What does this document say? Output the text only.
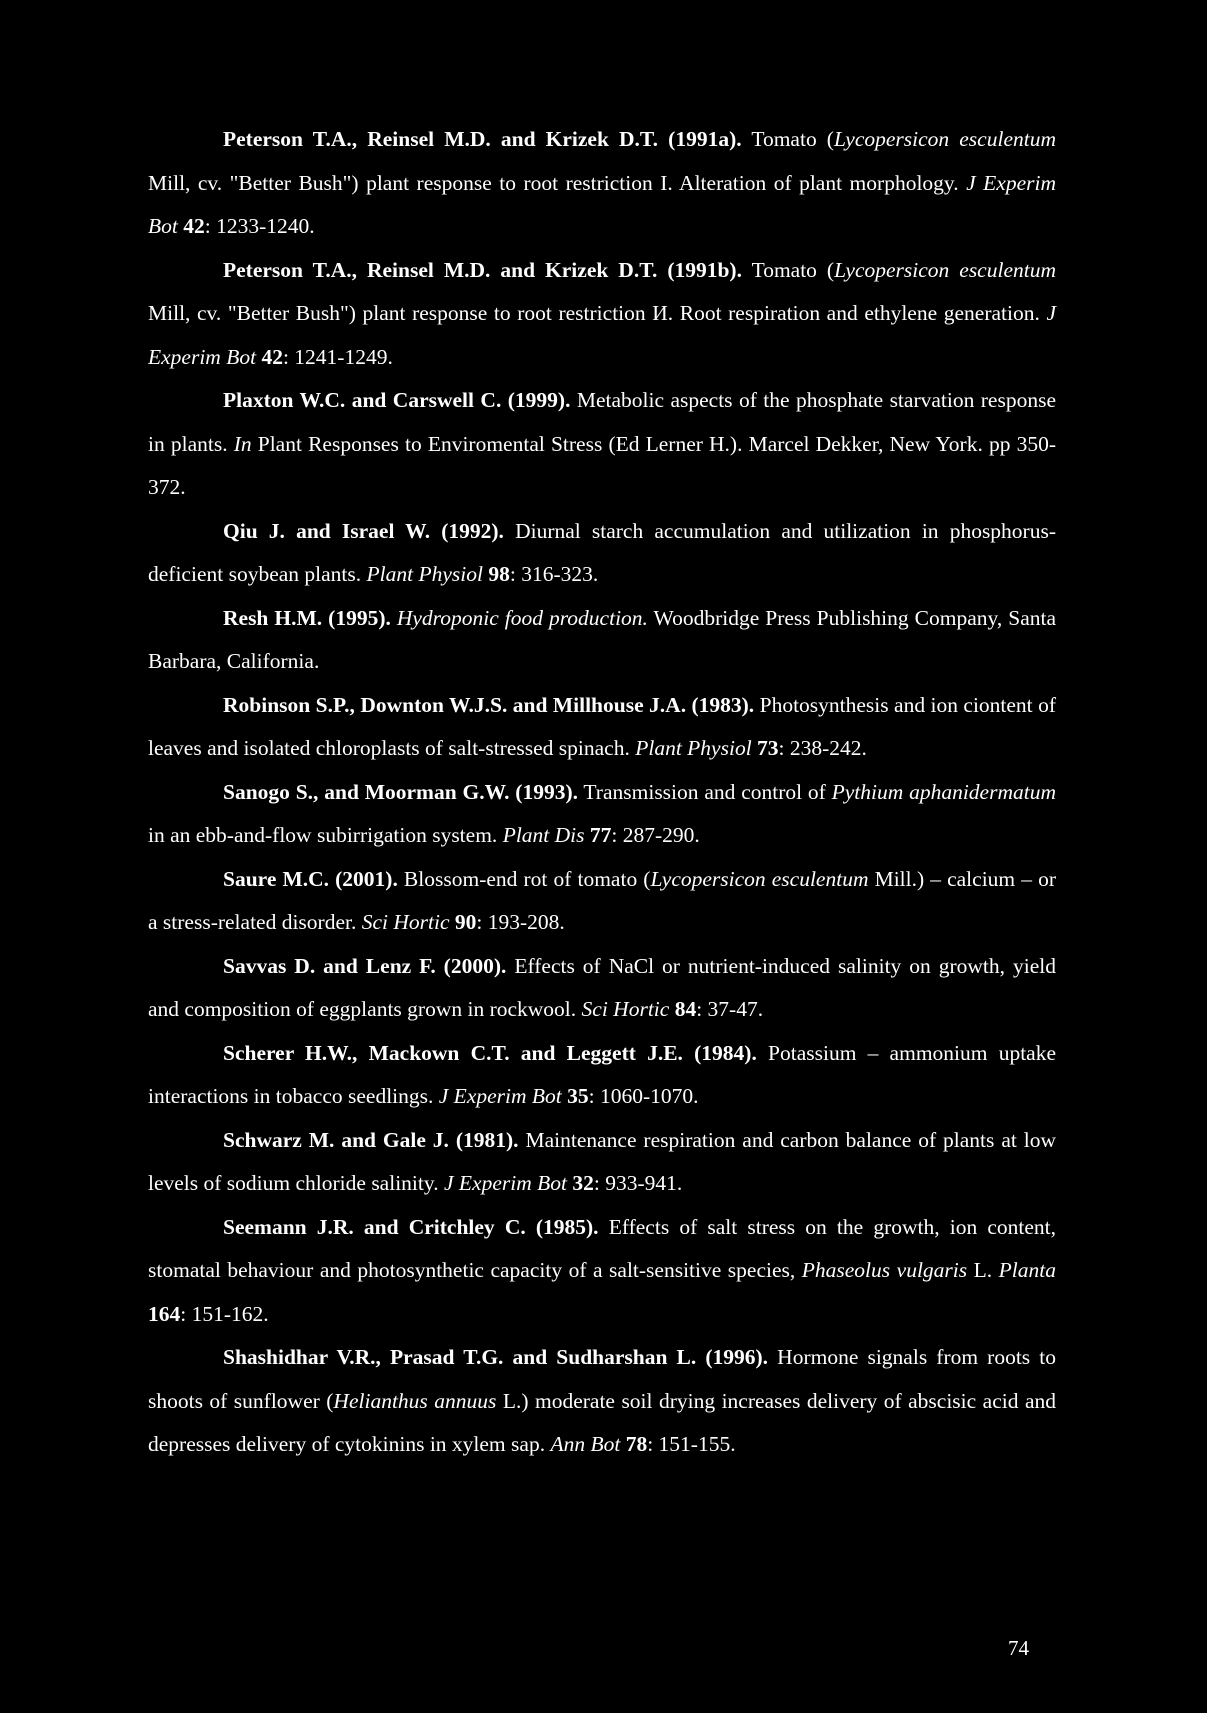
Peterson T.A., Reinsel M.D. and Krizek D.T. (1991a). Tomato (Lycopersicon esculentum Mill, cv. "Better Bush") plant response to root restriction I. Alteration of plant morphology. J Experim Bot 42: 1233-1240.

Peterson T.A., Reinsel M.D. and Krizek D.T. (1991b). Tomato (Lycopersicon esculentum Mill, cv. "Better Bush") plant response to root restriction И. Root respiration and ethylene generation. J Experim Bot 42: 1241-1249.

Plaxton W.C. and Carswell C. (1999). Metabolic aspects of the phosphate starvation response in plants. In Plant Responses to Enviromental Stress (Ed Lerner H.). Marcel Dekker, New York. pp 350-372.

Qiu J. and Israel W. (1992). Diurnal starch accumulation and utilization in phosphorus-deficient soybean plants. Plant Physiol 98: 316-323.

Resh H.M. (1995). Hydroponic food production. Woodbridge Press Publishing Company, Santa Barbara, California.

Robinson S.P., Downton W.J.S. and Millhouse J.A. (1983). Photosynthesis and ion ciontent of leaves and isolated chloroplasts of salt-stressed spinach. Plant Physiol 73: 238-242.

Sanogo S., and Moorman G.W. (1993). Transmission and control of Pythium aphanidermatum in an ebb-and-flow subirrigation system. Plant Dis 77: 287-290.

Saure M.C. (2001). Blossom-end rot of tomato (Lycopersicon esculentum Mill.) – calcium – or a stress-related disorder. Sci Hortic 90: 193-208.

Savvas D. and Lenz F. (2000). Effects of NaCl or nutrient-induced salinity on growth, yield and composition of eggplants grown in rockwool. Sci Hortic 84: 37-47.

Scherer H.W., Mackown C.T. and Leggett J.E. (1984). Potassium – ammonium uptake interactions in tobacco seedlings. J Experim Bot 35: 1060-1070.

Schwarz M. and Gale J. (1981). Maintenance respiration and carbon balance of plants at low levels of sodium chloride salinity. J Experim Bot 32: 933-941.

Seemann J.R. and Critchley C. (1985). Effects of salt stress on the growth, ion content, stomatal behaviour and photosynthetic capacity of a salt-sensitive species, Phaseolus vulgaris L. Planta 164: 151-162.

Shashidhar V.R., Prasad T.G. and Sudharshan L. (1996). Hormone signals from roots to shoots of sunflower (Helianthus annuus L.) moderate soil drying increases delivery of abscisic acid and depresses delivery of cytokinins in xylem sap. Ann Bot 78: 151-155.

74
